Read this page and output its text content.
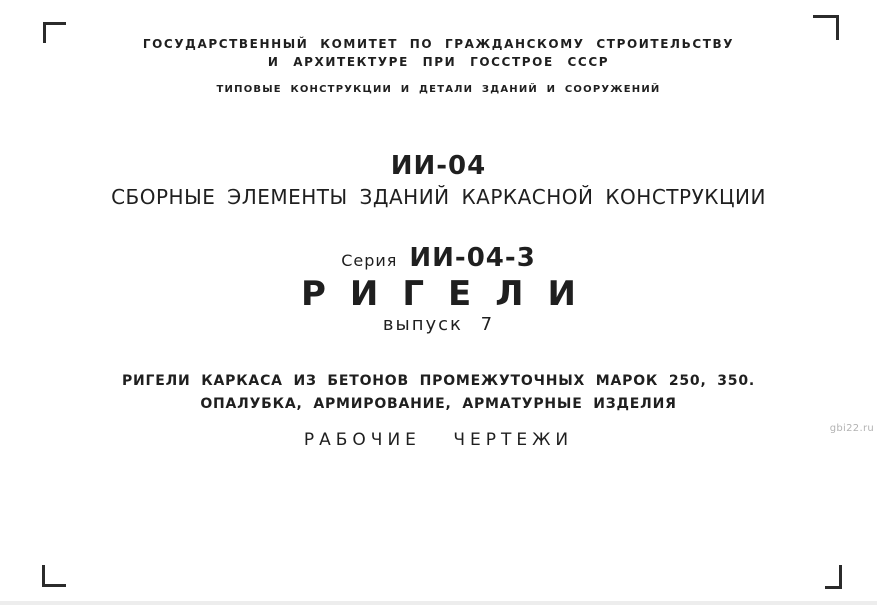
ГОСУДАРСТВЕННЫЙ КОМИТЕТ ПО ГРАЖДАНСКОМУ СТРОИТЕЛЬСТВУ
И АРХИТЕКТУРЕ ПРИ ГОССТРОЕ СССР
ТИПОВЫЕ КОНСТРУКЦИИ И ДЕТАЛИ ЗДАНИЙ И СООРУЖЕНИЙ
ИИ-04
СБОРНЫЕ ЭЛЕМЕНТЫ ЗДАНИЙ КАРКАСНОЙ КОНСТРУКЦИИ
Серия ИИ-04-3
РИГЕЛИ
выпуск 7
РИГЕЛИ КАРКАСА ИЗ БЕТОНОВ ПРОМЕЖУТОЧНЫХ МАРОК 250, 350.
ОПАЛУБКА, АРМИРОВАНИЕ, АРМАТУРНЫЕ ИЗДЕЛИЯ
РАБОЧИЕ ЧЕРТЕЖИ
gbi22.ru
